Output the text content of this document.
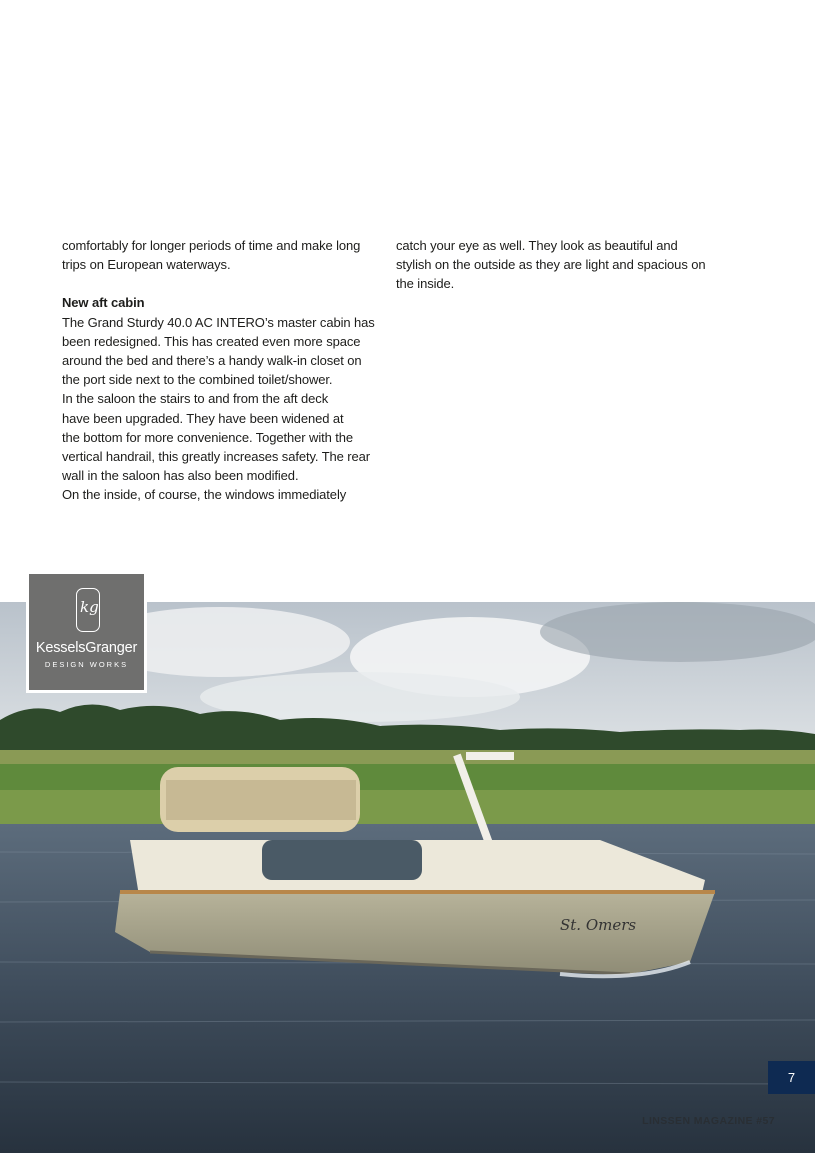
comfortably for longer periods of time and make long
trips on European waterways.

New aft cabin

The Grand Sturdy 40.0 AC INTERO’s master cabin has
been redesigned. This has created even more space
around the bed and there’s a handy walk-in closet on
the port side next to the combined toilet/shower.
In the saloon the stairs to and from the aft deck
have been upgraded. They have been widened at
the bottom for more convenience. Together with the
vertical handrail, this greatly increases safety. The rear
wall in the saloon has also been modified.
On the inside, of course, the windows immediately

catch your eye as well. They look as beautiful and
stylish on the outside as they are light and spacious on
the inside.

St. Omers
kg
KesselsGranger
DESIGN WORKS
7
LINSSEN MAGAZINE #57
